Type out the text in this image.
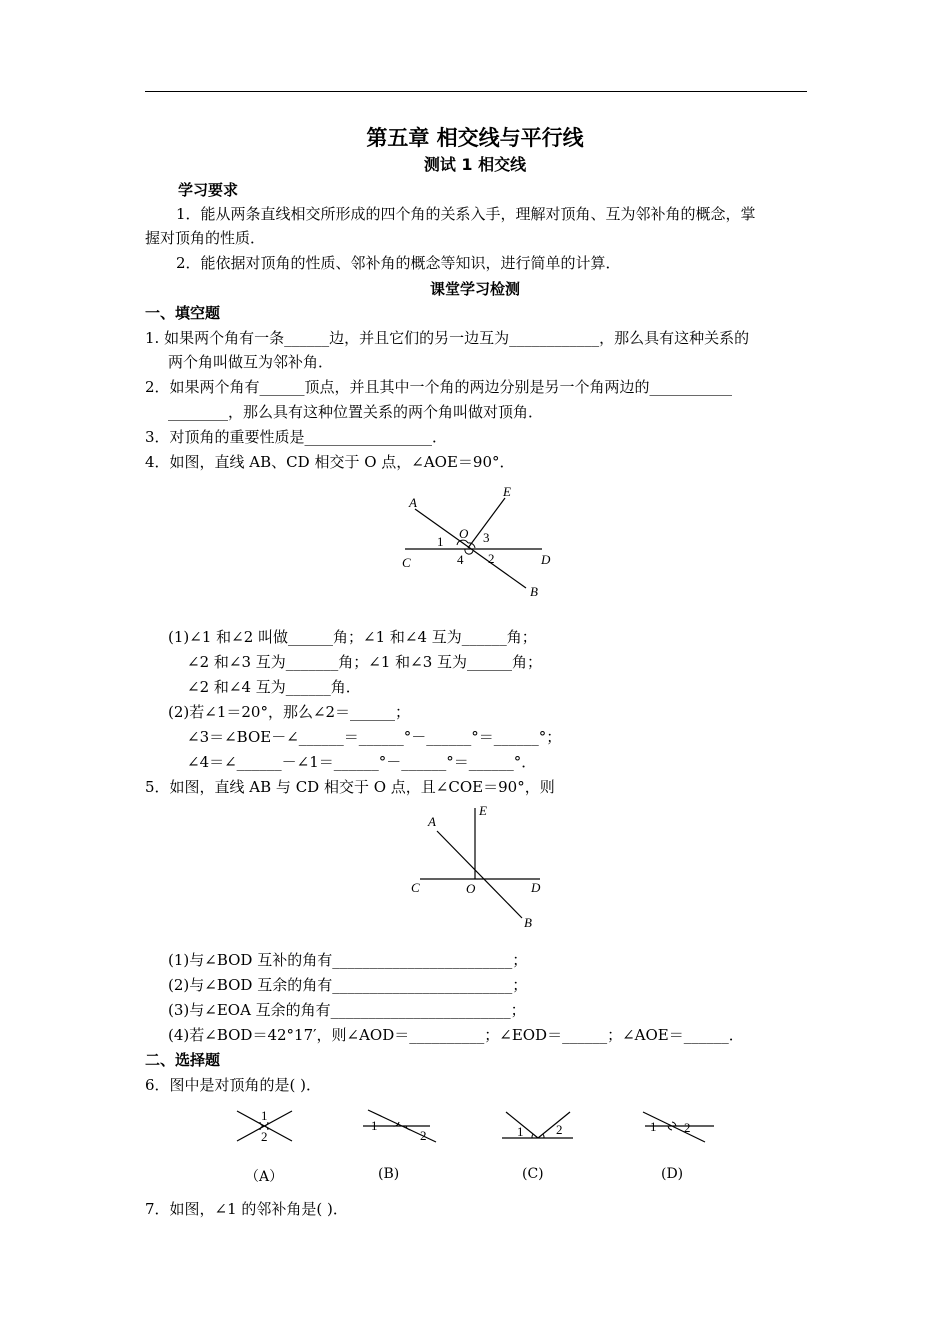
第五章 相交线与平行线
测试 1 相交线
学习要求
1．能从两条直线相交所形成的四个角的关系入手，理解对顶角、互为邻补角的概念，掌
握对顶角的性质．
2．能依据对顶角的性质、邻补角的概念等知识，进行简单的计算．
课堂学习检测
一、填空题
1. 如果两个角有一条______边，并且它们的另一边互为____________，那么具有这种关系的
两个角叫做互为邻补角．
2．如果两个角有______顶点，并且其中一个角的两边分别是另一个角两边的___________
________，那么具有这种位置关系的两个角叫做对顶角．
3．对顶角的重要性质是_________________．
4．如图，直线 AB、CD 相交于 O 点，∠AOE＝90°．
A
E
O
1	3
4 2
C	D
B
(1)∠1 和∠2 叫做______角；∠1 和∠4 互为______角；
∠2 和∠3 互为_______角；∠1 和∠3 互为______角；
∠2 和∠4 互为______角．
(2)若∠1＝20°，那么∠2＝______；
∠3＝∠BOE－∠______＝______°－______°＝______°；
∠4＝∠______－∠1＝______°－______°＝______°．
5．如图，直线 AB 与 CD 相交于 O 点，且∠COE＝90°，则
A
E
C	O	D
B
(1)与∠BOD 互补的角有________________________；
(2)与∠BOD 互余的角有________________________；
(3)与∠EOA 互余的角有________________________；
(4)若∠BOD＝42°17′，则∠AOD＝__________；∠EOD＝______；∠AOE＝______．
二、选择题
6．图中是对顶角的是( )．
1
2
（A）
1
2
(B)
1	2
(C)
1 2
(D)
7．如图，∠1 的邻补角是( )．
